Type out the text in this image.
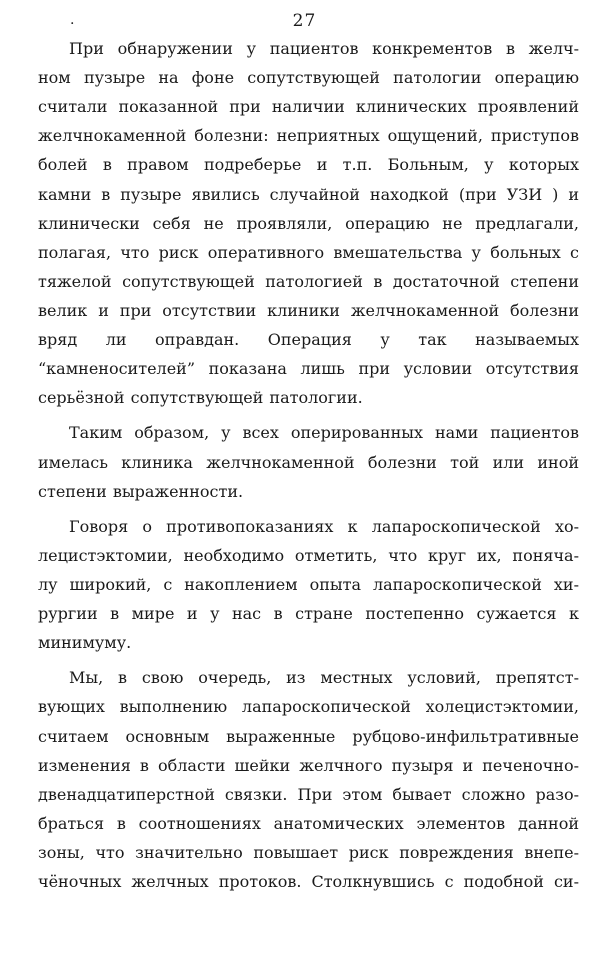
.	27
При обнаружении у пациентов конкрементов в желч-
ном пузыре на фоне сопутствующей патологии операцию
считали показанной при наличии клинических проявлений
желчнокаменной болезни: неприятных ощущений, приступов
болей в правом подреберье и т.п. Больным, у которых
камни в пузыре явились случайной находкой (при УЗИ ) и
клинически себя не проявляли, операцию не предлагали,
полагая, что риск оперативного вмешательства у больных с
тяжелой сопутствующей патологией в достаточной степени
велик и при отсутствии клиники желчнокаменной болезни
вряд ли оправдан. Операция у так называемых
“камненосителей” показана лишь при условии отсутствия
серьёзной сопутствующей патологии.
Таким образом, у всех оперированных нами пациентов
имелась клиника желчнокаменной болезни той или иной
степени выраженности.
Говоря о противопоказаниях к лапароскопической хо-
лецистэктомии, необходимо отметить, что круг их, поняча-
лу широкий, с накоплением опыта лапароскопической хи-
рургии в мире и у нас в стране постепенно сужается к
минимуму.
Мы, в свою очередь, из местных условий, препятст-
вующих выполнению лапароскопической холецистэктомии,
считаем основным выраженные рубцово-инфильтративные
изменения в области шейки желчного пузыря и печеночно-
двенадцатиперстной связки. При этом бывает сложно разо-
браться в соотношениях анатомических элементов данной
зоны, что значительно повышает риск повреждения внепе-
чёночных желчных протоков. Столкнувшись с подобной си-
